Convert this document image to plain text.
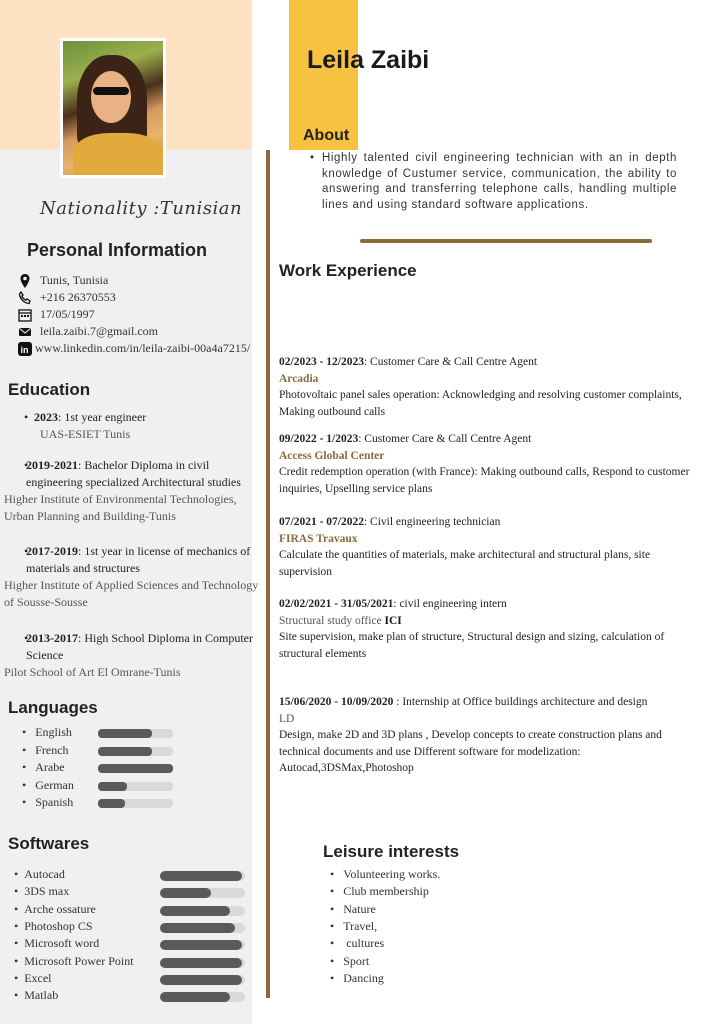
Leila Zaibi
Nationality :Tunisian
Personal Information
Tunis, Tunisia
+216 26370553
17/05/1997
leila.zaibi.7@gmail.com
in www.linkedin.com/in/leila-zaibi-00a4a7215/
Education
• 2023: 1st year engineer
UAS-ESIET Tunis
• 2019-2021: Bachelor Diploma in civil engineering specialized Architectural studies
Higher Institute of Environmental Technologies, Urban Planning and Building-Tunis
• 2017-2019: 1st year in license of mechanics of materials and structures
Higher Institute of Applied Sciences and Technology of Sousse-Sousse
• 2013-2017: High School Diploma in Computer Science
Pilot School of Art El Omrane-Tunis
Languages
•   English
•   French
•   Arabe
•   German
•   Spanish
Softwares
•  Autocad
•  3DS max
•  Arche ossature
•  Photoshop CS
•  Microsoft word
•  Microsoft Power Point
•  Excel
•  Matlab
About
• Highly talented civil engineering technician with an in depth knowledge of Custumer service, communication, the ability to answering and transferring telephone calls, handling multiple lines and using standard software applications.
Work Experience
02/2023 - 12/2023: Customer Care & Call Centre Agent
Arcadia
Photovoltaic panel sales operation: Acknowledging and resolving customer complaints, Making outbound calls
09/2022 - 1/2023: Customer Care & Call Centre Agent
Access Global Center
Credit redemption operation (with France): Making outbound calls, Respond to customer inquiries, Upselling service plans
07/2021 - 07/2022: Civil engineering technician
FIRAS Travaux
Calculate the quantities of materials, make architectural and structural plans, site supervision
02/02/2021 - 31/05/2021: civil engineering intern
Structural study office ICI
Site supervision, make plan of structure, Structural design and sizing, calculation of structural elements
15/06/2020 - 10/09/2020 : Internship at Office buildings architecture and design
LD
Design, make 2D and 3D plans , Develop concepts to create construction plans and technical documents and use Different software for modelization: Autocad,3DSMax,Photoshop
Leisure interests
•   Volunteering works.
•   Club membership
•   Nature
•   Travel,
•    cultures
•   Sport
•   Dancing
